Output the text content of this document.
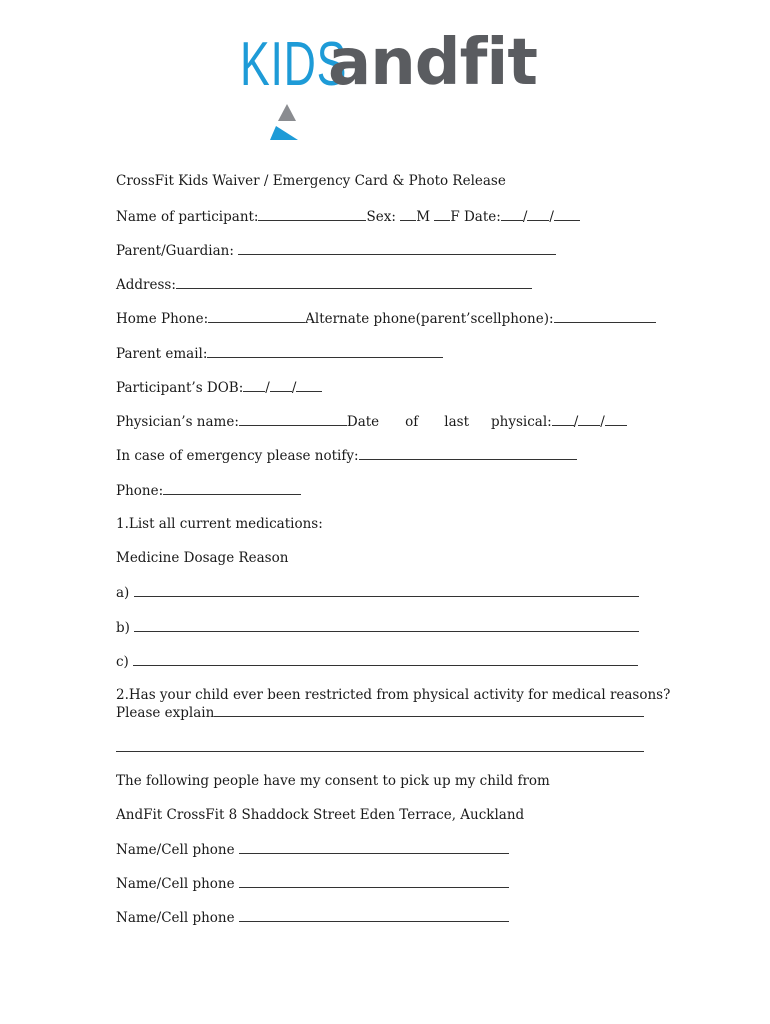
KIDS
andfit
CrossFit Kids Waiver / Emergency Card & Photo Release
Name of participant:	Sex: M F Date: / /
Parent/Guardian:
Address:
Home Phone:	Alternate phone(parent’scellphone):
Parent email:
Participant’s DOB: / /
Physician’s name:	Date of last physical: / /
In case of emergency please notify:
Phone:
1.List all current medications:
Medicine Dosage Reason
a)
b)
c)
2.Has your child ever been restricted from physical activity for medical reasons?
Please explain
The following people have my consent to pick up my child from
AndFit CrossFit 8 Shaddock Street Eden Terrace, Auckland
Name/Cell phone
Name/Cell phone
Name/Cell phone
